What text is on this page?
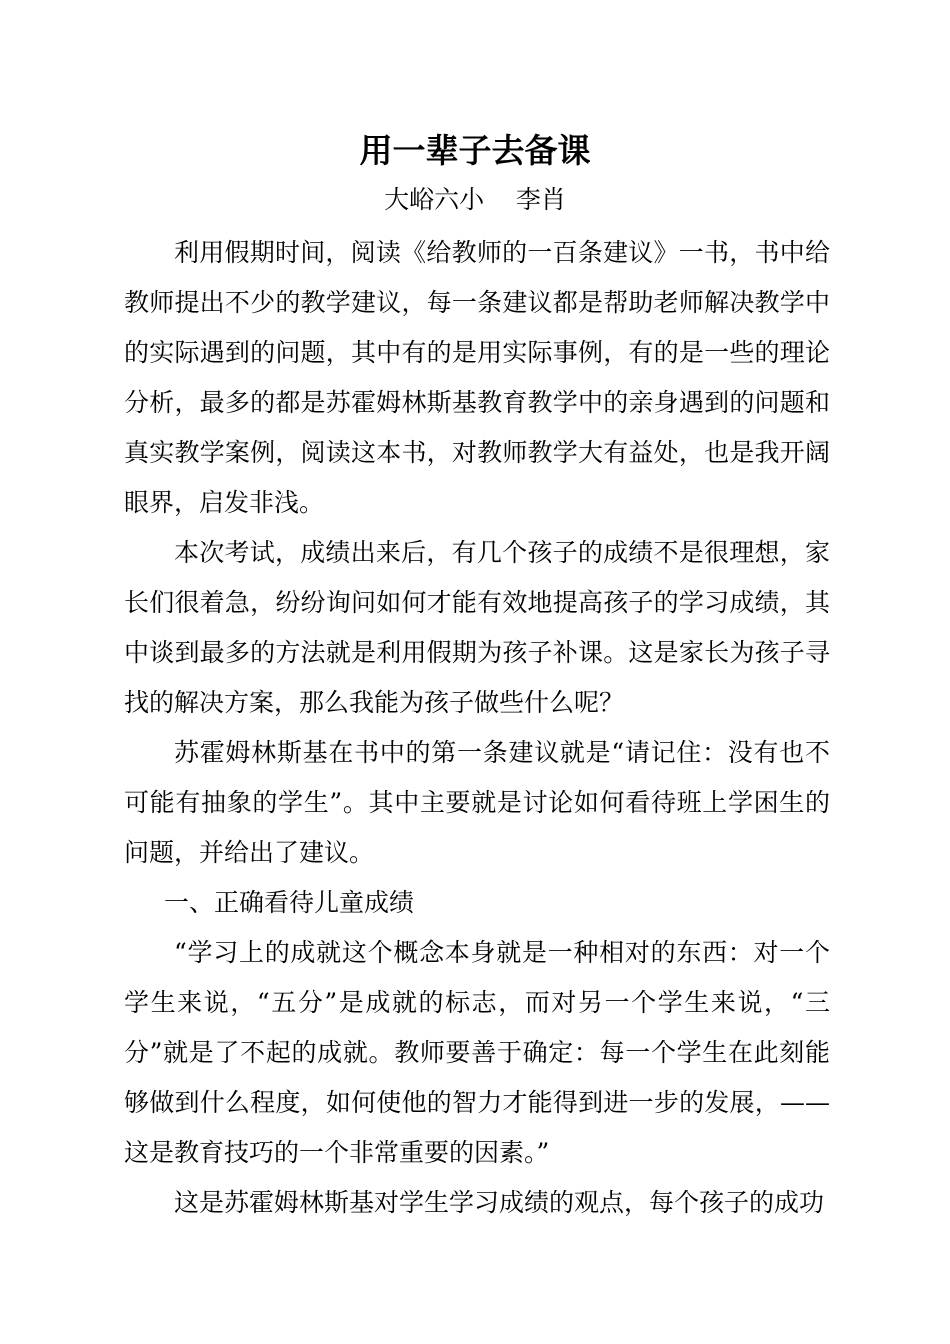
用一辈子去备课
大峪六小    李肖

利用假期时间，阅读《给教师的一百条建议》一书，书中给教师提出不少的教学建议，每一条建议都是帮助老师解决教学中的实际遇到的问题，其中有的是用实际事例，有的是一些的理论分析，最多的都是苏霍姆林斯基教育教学中的亲身遇到的问题和真实教学案例，阅读这本书，对教师教学大有益处，也是我开阔眼界，启发非浅。

本次考试，成绩出来后，有几个孩子的成绩不是很理想，家长们很着急，纷纷询问如何才能有效地提高孩子的学习成绩，其中谈到最多的方法就是利用假期为孩子补课。这是家长为孩子寻找的解决方案，那么我能为孩子做些什么呢？

苏霍姆林斯基在书中的第一条建议就是“请记住：没有也不可能有抽象的学生”。其中主要就是讨论如何看待班上学困生的问题，并给出了建议。

一、正确看待儿童成绩

“学习上的成就这个概念本身就是一种相对的东西：对一个学生来说，“五分”是成就的标志，而对另一个学生来说，“三分”就是了不起的成就。教师要善于确定：每一个学生在此刻能够做到什么程度，如何使他的智力才能得到进一步的发展，——这是教育技巧的一个非常重要的因素。”

这是苏霍姆林斯基对学生学习成绩的观点，每个孩子的成功
